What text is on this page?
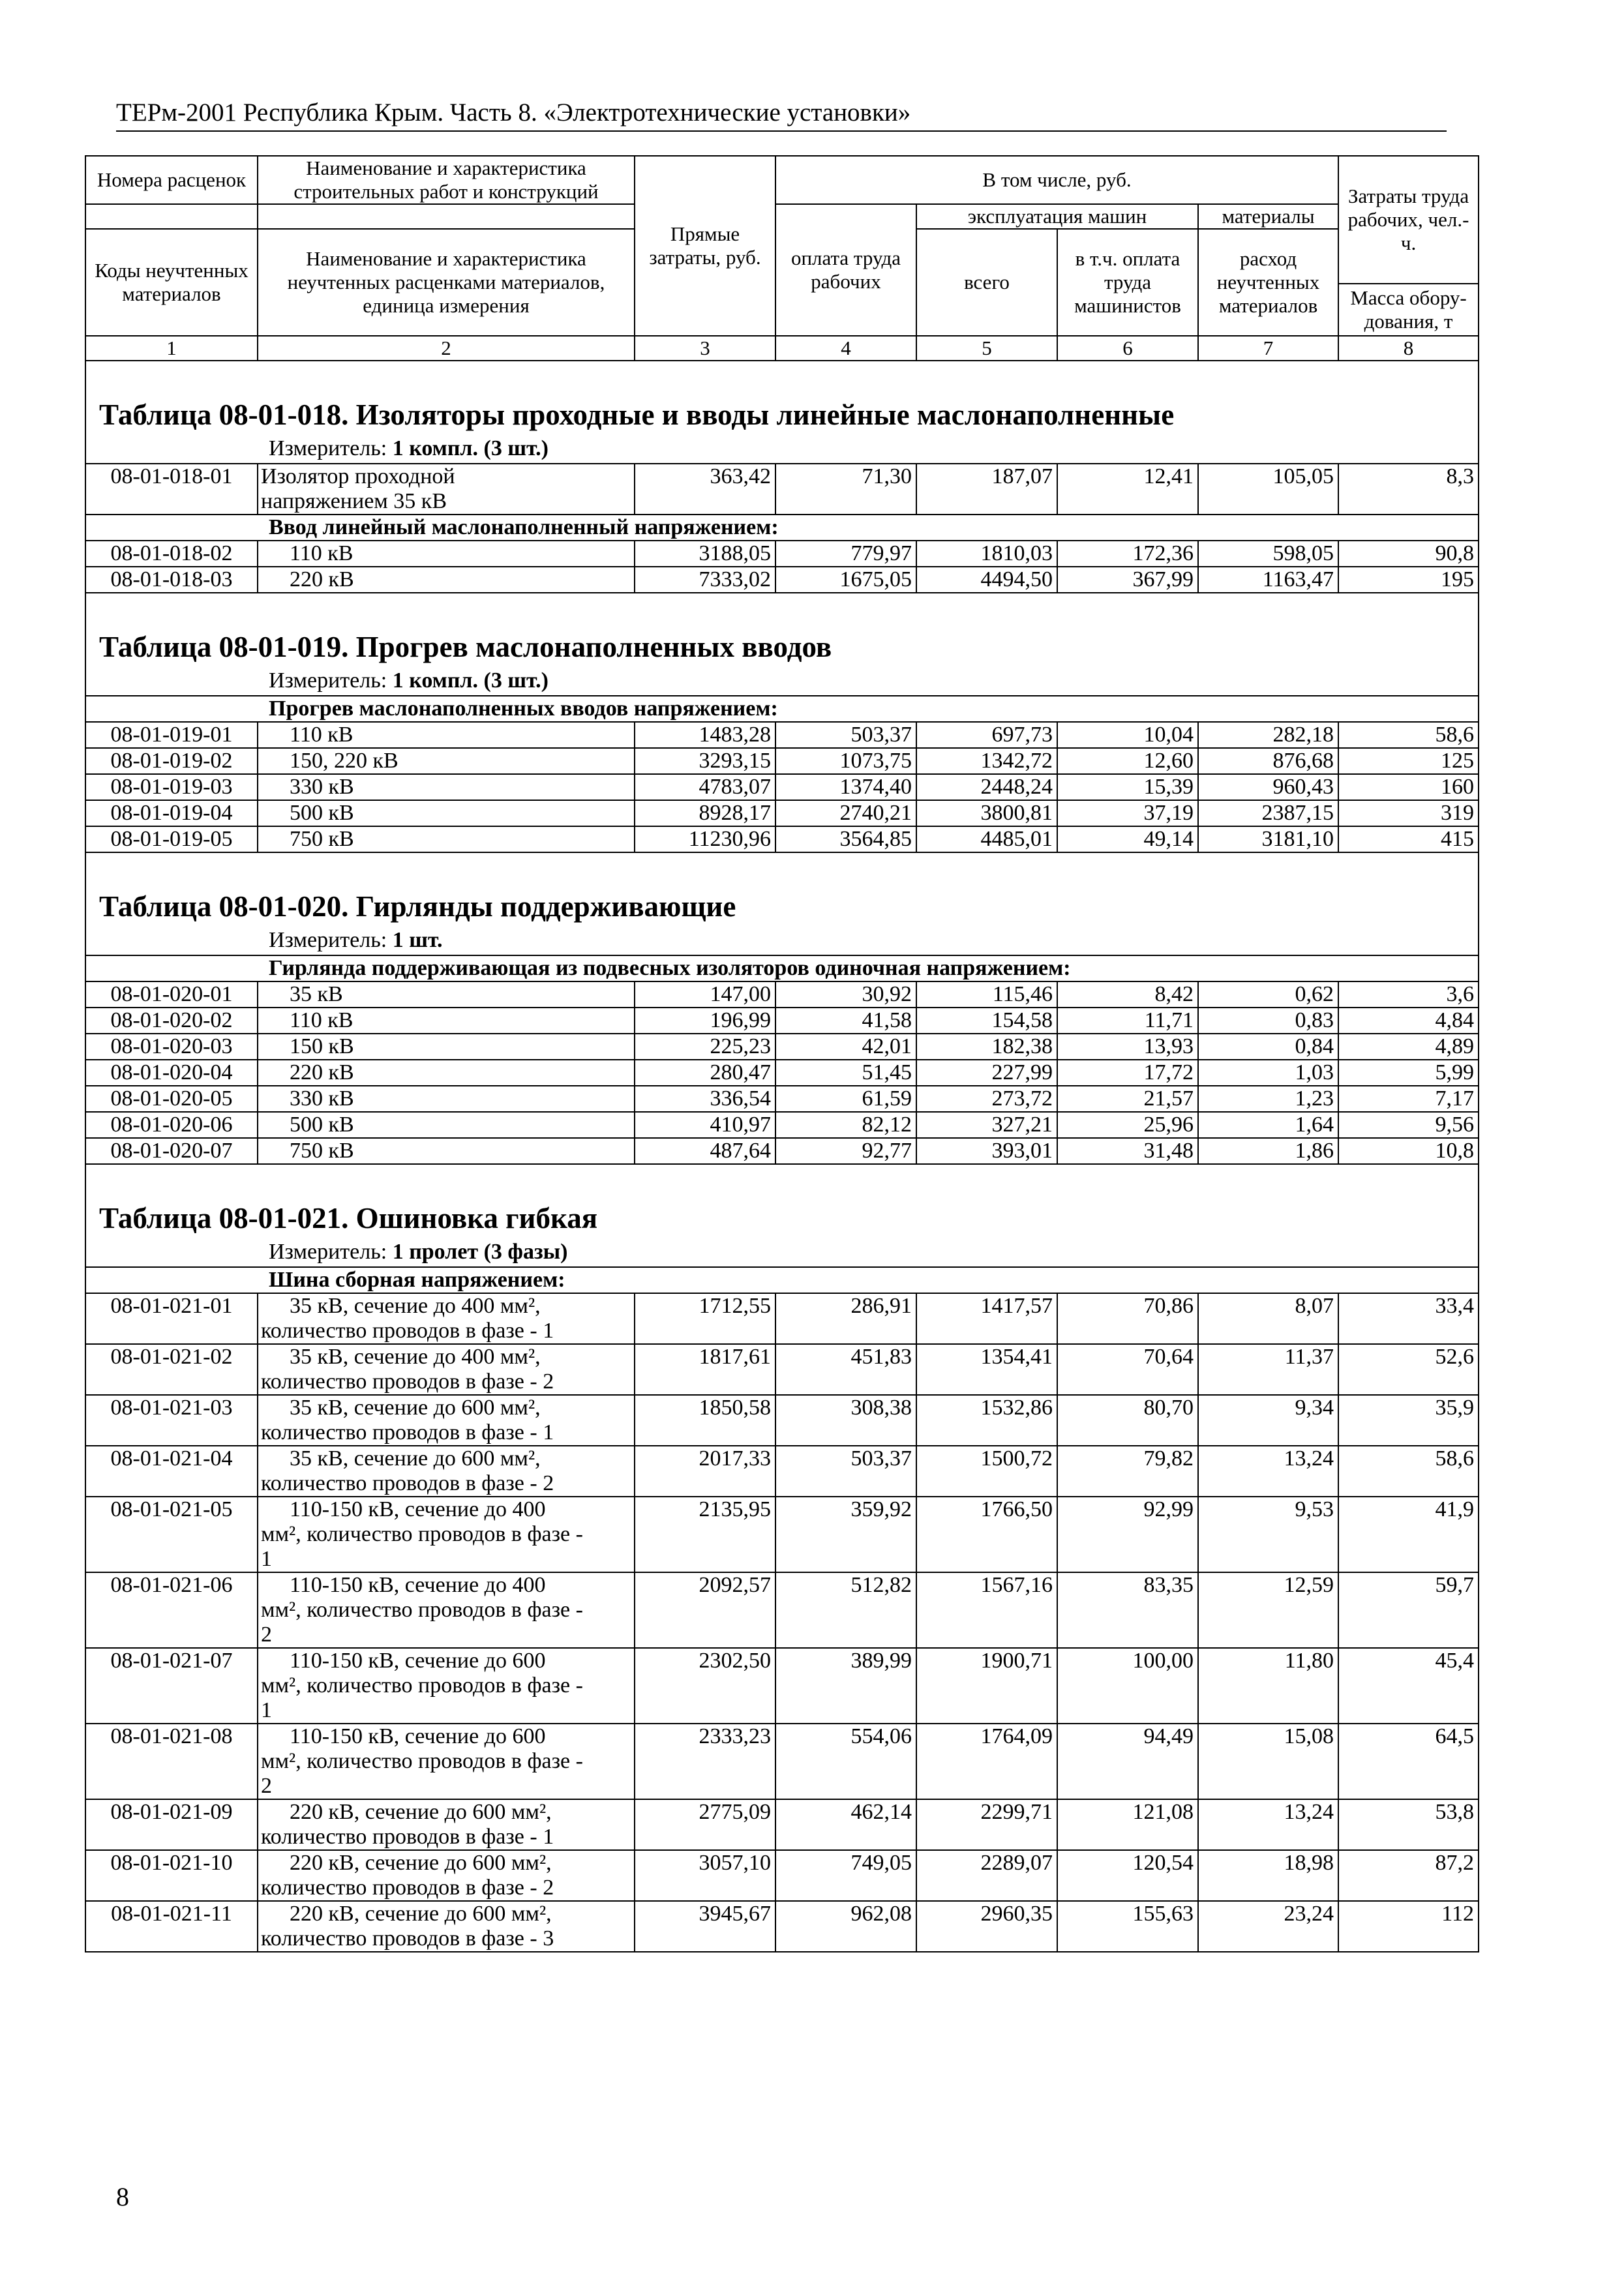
ТЕРм-2001 Республика Крым. Часть 8. «Электротехнические установки»
Номера расценок	Наименование и характеристика строительных работ и конструкций	Прямые затраты, руб.	В том числе, руб.				Затраты труда рабочих, чел.-ч.
			оплата труда рабочих	эксплуатация машин		материалы	
Коды неучтенных материалов	Наименование и характеристика неучтенных расценками материалов, единица измерения			всего	в т.ч. оплата труда машинистов	расход неучтенных материалов	
							Масса обору-дования, т
1	2	3	4	5	6	7	8

Таблица 08-01-018. Изоляторы проходные и вводы линейные маслонаполненные
Измеритель: 1 компл. (3 шт.)							

08-01-018-01	Изолятор проходной
напряжением 35 кВ	363,42	71,30	187,07	12,41	105,05	8,3
Ввод линейный маслонаполненный напряжением:							
08-01-018-02	110 кВ	3188,05	779,97	1810,03	172,36	598,05	90,8
08-01-018-03	220 кВ	7333,02	1675,05	4494,50	367,99	1163,47	195

Таблица 08-01-019. Прогрев маслонаполненных вводов
Измеритель: 1 компл. (3 шт.)							

Прогрев маслонаполненных вводов напряжением:							
08-01-019-01	110 кВ	1483,28	503,37	697,73	10,04	282,18	58,6
08-01-019-02	150, 220 кВ	3293,15	1073,75	1342,72	12,60	876,68	125
08-01-019-03	330 кВ	4783,07	1374,40	2448,24	15,39	960,43	160
08-01-019-04	500 кВ	8928,17	2740,21	3800,81	37,19	2387,15	319
08-01-019-05	750 кВ	11230,96	3564,85	4485,01	49,14	3181,10	415

Таблица 08-01-020. Гирлянды поддерживающие
Измеритель: 1 шт.							

Гирлянда поддерживающая из подвесных изоляторов одиночная напряжением:							
08-01-020-01	35 кВ	147,00	30,92	115,46	8,42	0,62	3,6
08-01-020-02	110 кВ	196,99	41,58	154,58	11,71	0,83	4,84
08-01-020-03	150 кВ	225,23	42,01	182,38	13,93	0,84	4,89
08-01-020-04	220 кВ	280,47	51,45	227,99	17,72	1,03	5,99
08-01-020-05	330 кВ	336,54	61,59	273,72	21,57	1,23	7,17
08-01-020-06	500 кВ	410,97	82,12	327,21	25,96	1,64	9,56
08-01-020-07	750 кВ	487,64	92,77	393,01	31,48	1,86	10,8

Таблица 08-01-021. Ошиновка гибкая
Измеритель: 1 пролет (3 фазы)							

Шина сборная напряжением:							
08-01-021-01	35 кВ, сечение до 400 мм²,
количество проводов в фазе - 1	1712,55	286,91	1417,57	70,86	8,07	33,4
08-01-021-02	35 кВ, сечение до 400 мм²,
количество проводов в фазе - 2	1817,61	451,83	1354,41	70,64	11,37	52,6
08-01-021-03	35 кВ, сечение до 600 мм²,
количество проводов в фазе - 1	1850,58	308,38	1532,86	80,70	9,34	35,9
08-01-021-04	35 кВ, сечение до 600 мм²,
количество проводов в фазе - 2	2017,33	503,37	1500,72	79,82	13,24	58,6
08-01-021-05	110-150 кВ, сечение до 400
мм², количество проводов в фазе -
1	2135,95	359,92	1766,50	92,99	9,53	41,9
08-01-021-06	110-150 кВ, сечение до 400
мм², количество проводов в фазе -
2	2092,57	512,82	1567,16	83,35	12,59	59,7
08-01-021-07	110-150 кВ, сечение до 600
мм², количество проводов в фазе -
1	2302,50	389,99	1900,71	100,00	11,80	45,4
08-01-021-08	110-150 кВ, сечение до 600
мм², количество проводов в фазе -
2	2333,23	554,06	1764,09	94,49	15,08	64,5
08-01-021-09	220 кВ, сечение до 600 мм²,
количество проводов в фазе - 1	2775,09	462,14	2299,71	121,08	13,24	53,8
08-01-021-10	220 кВ, сечение до 600 мм²,
количество проводов в фазе - 2	3057,10	749,05	2289,07	120,54	18,98	87,2
08-01-021-11	220 кВ, сечение до 600 мм²,
количество проводов в фазе - 3	3945,67	962,08	2960,35	155,63	23,24	112
8
